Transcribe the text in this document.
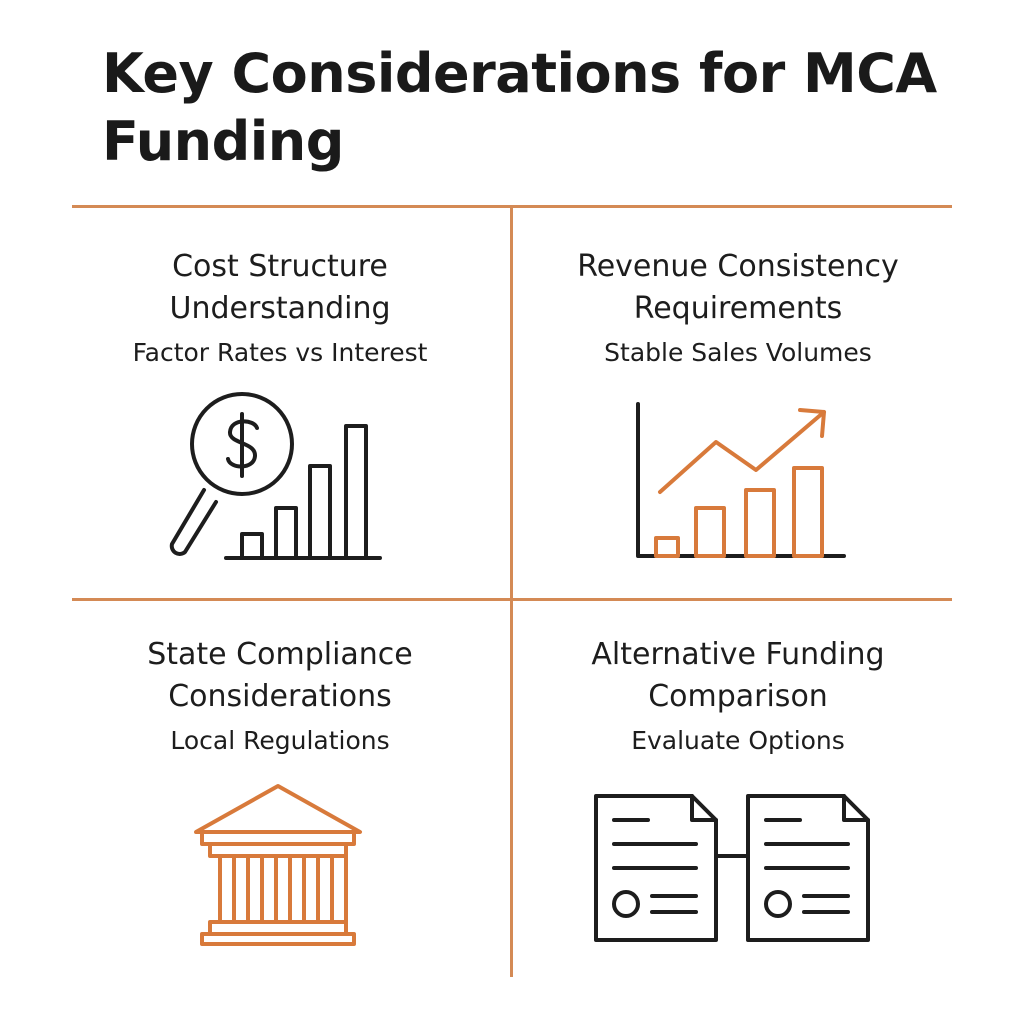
Key Considerations for MCA Funding
Cost Structure Understanding

Factor Rates vs Interest

Revenue Consistency Requirements

Stable Sales Volumes

State Compliance Considerations

Local Regulations

Alternative Funding Comparison

Evaluate Options
